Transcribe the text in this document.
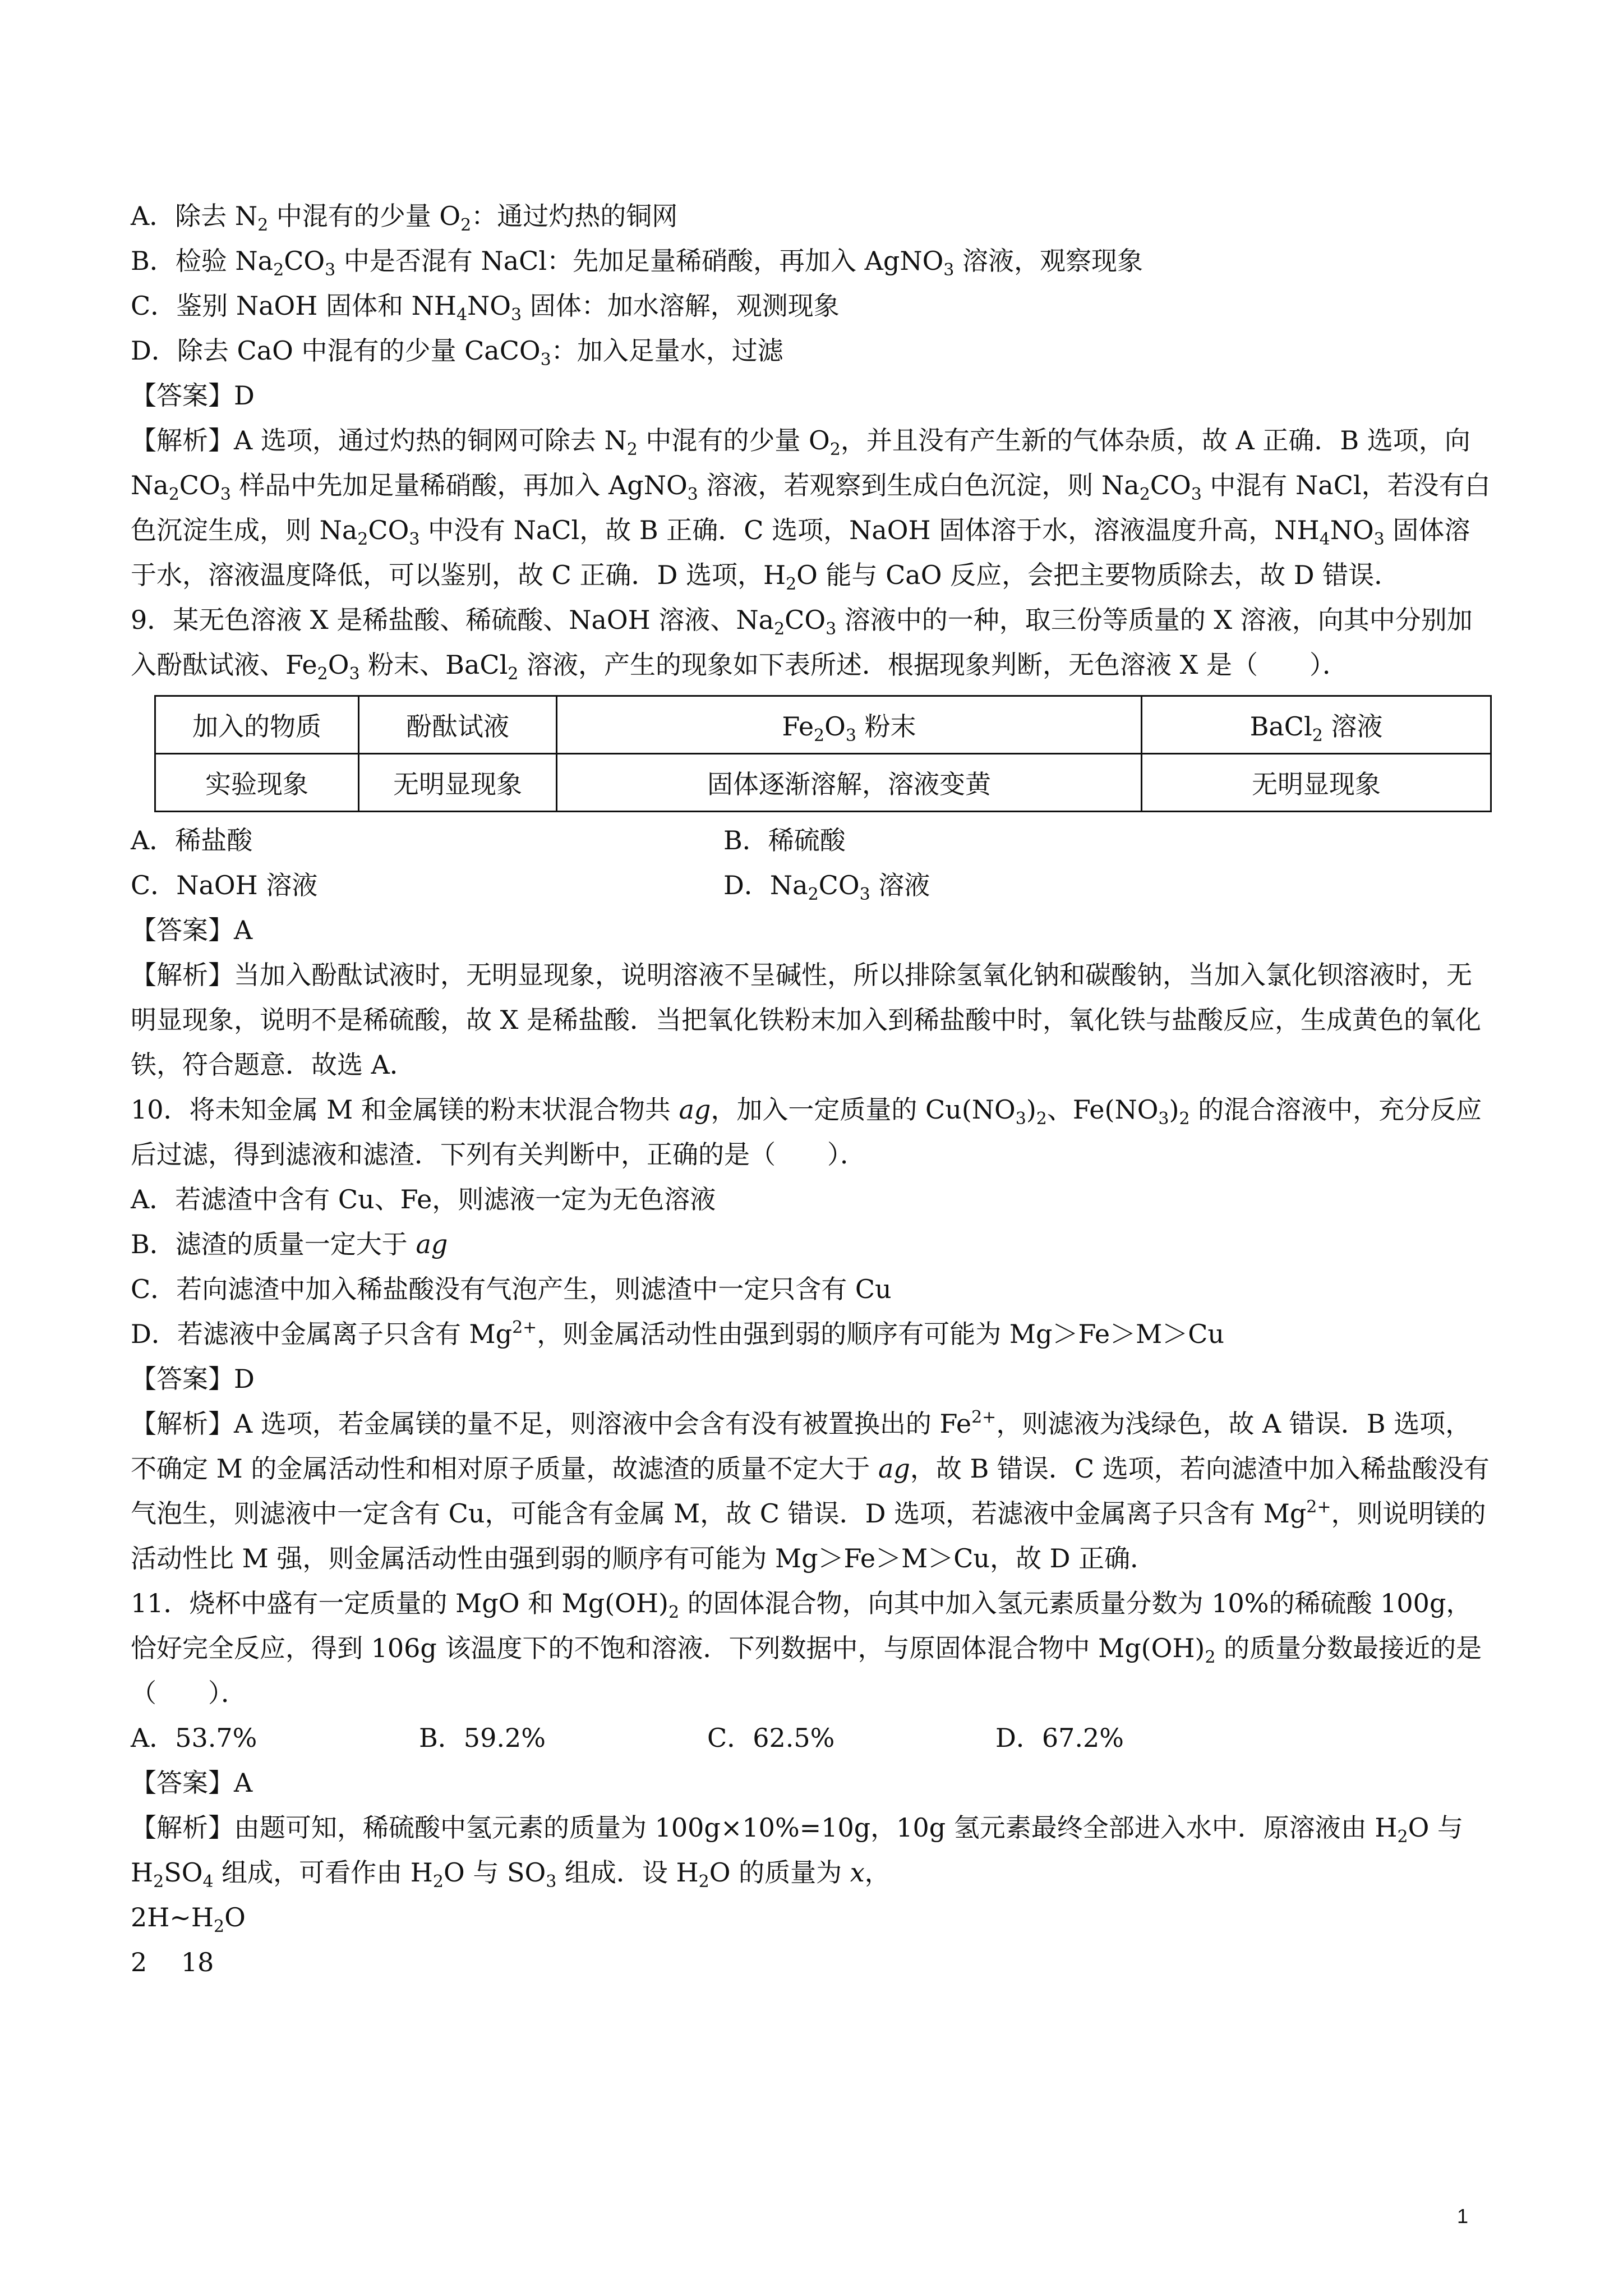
A．除去 $N_2$ 中混有的少量 $O_2$：通过灼热的铜网
B．检验 $Na_2CO_3$ 中是否混有 NaCl：先加足量稀硝酸，再加入 AgNO$_3$ 溶液，观察现象
C．鉴别 NaOH 固体和 $NH_4NO_3$ 固体：加水溶解，观测现象
D．除去 CaO 中混有的少量 CaCO$_3$：加入足量水，过滤
【答案】D
【解析】A 选项，通过灼热的铜网可除去 $N_2$ 中混有的少量 $O_2$，并且没有产生新的气体杂质，故 A 正确．B 选项，向 $Na_2CO_3$ 样品中先加足量稀硝酸，再加入 AgNO$_3$ 溶液，若观察到生成白色沉淀，则 $Na_2CO_3$ 中混有 NaCl，若没有白色沉淀生成，则 $Na_2CO_3$ 中没有 NaCl，故 B 正确．C 选项，NaOH 固体溶于水，溶液温度升高，$NH_4NO_3$ 固体溶于水，溶液温度降低，可以鉴别，故 C 正确．D 选项，$H_2O$ 能与 CaO 反应，会把主要物质除去，故 D 错误．
9．某无色溶液 X 是稀盐酸、稀硫酸、NaOH 溶液、$Na_2CO_3$ 溶液中的一种，取三份等质量的 X 溶液，向其中分别加入酚酞试液、$Fe_2O_3$ 粉末、BaCl$_2$ 溶液，产生的现象如下表所述．根据现象判断，无色溶液 X 是（　　）．
加入的物质	酚酞试液	$Fe_2O_3$ 粉末	BaCl$_2$ 溶液
实验现象	无明显现象	固体逐渐溶解，溶液变黄	无明显现象
A．稀盐酸	B．稀硫酸
C．NaOH 溶液	D．$Na_2CO_3$ 溶液
【答案】A
【解析】当加入酚酞试液时，无明显现象，说明溶液不呈碱性，所以排除氢氧化钠和碳酸钠，当加入氯化钡溶液时，无明显现象，说明不是稀硫酸，故 X 是稀盐酸．当把氧化铁粉末加入到稀盐酸中时，氧化铁与盐酸反应，生成黄色的氧化铁，符合题意．故选 A．
10．将未知金属 M 和金属镁的粉末状混合物共 ag，加入一定质量的 $Cu(NO_3)_2$、$Fe(NO_3)_2$ 的混合溶液中，充分反应后过滤，得到滤液和滤渣．下列有关判断中，正确的是（　　）．
A．若滤渣中含有 Cu、Fe，则滤液一定为无色溶液
B．滤渣的质量一定大于 ag
C．若向滤渣中加入稀盐酸没有气泡产生，则滤渣中一定只含有 Cu
D．若滤液中金属离子只含有 $Mg^{2+}$，则金属活动性由强到弱的顺序有可能为 Mg＞Fe＞M＞Cu
【答案】D
【解析】A 选项，若金属镁的量不足，则溶液中会含有没有被置换出的 $Fe^{2+}$，则滤液为浅绿色，故 A 错误．B 选项，不确定 M 的金属活动性和相对原子质量，故滤渣的质量不定大于 ag，故 B 错误．C 选项，若向滤渣中加入稀盐酸没有气泡生，则滤液中一定含有 Cu，可能含有金属 M，故 C 错误．D 选项，若滤液中金属离子只含有 $Mg^{2+}$，则说明镁的活动性比 M 强，则金属活动性由强到弱的顺序有可能为 Mg＞Fe＞M＞Cu，故 D 正确．
11．烧杯中盛有一定质量的 MgO 和 $Mg(OH)_2$ 的固体混合物，向其中加入氢元素质量分数为 10%的稀硫酸 100g，恰好完全反应，得到 106g 该温度下的不饱和溶液．下列数据中，与原固体混合物中 $Mg(OH)_2$ 的质量分数最接近的是（　　）．
A．53.7%	B．59.2%	C．62.5%	D．67.2%
【答案】A
【解析】由题可知，稀硫酸中氢元素的质量为 100g×10%=10g，10g 氢元素最终全部进入水中．原溶液由 $H_2O$ 与 $H_2SO_4$ 组成，可看作由 $H_2O$ 与 $SO_3$ 组成．设 $H_2O$ 的质量为 x，
$2H\sim H_2O$
2　 18
1
